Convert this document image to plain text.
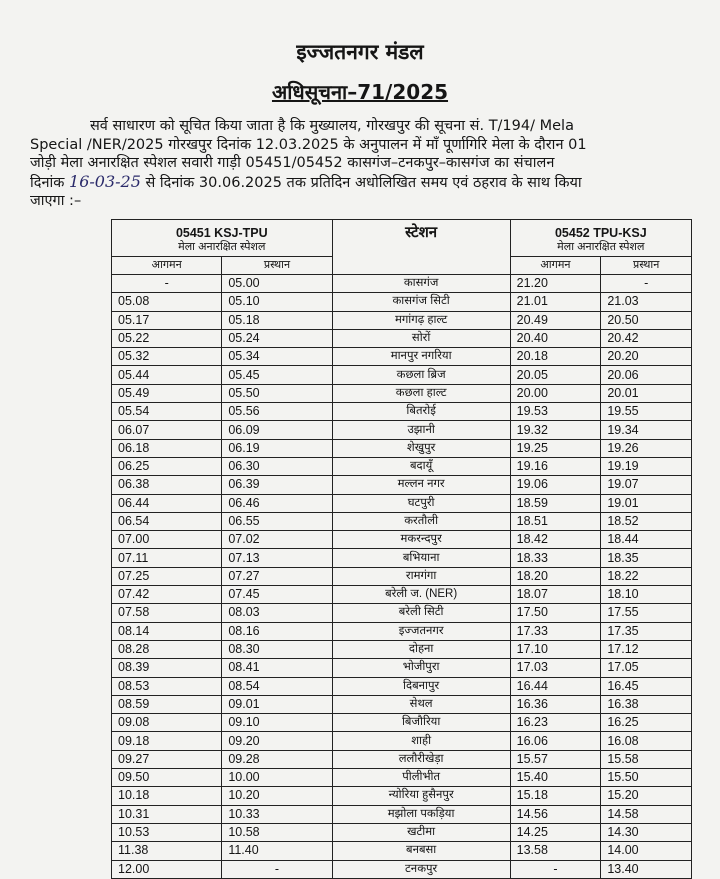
इज्जतनगर मंडल
अधिसूचना–71/2025
सर्व साधारण को सूचित किया जाता है कि मुख्यालय, गोरखपुर की सूचना सं. T/194/ Mela
Special /NER/2025 गोरखपुर दिनांक 12.03.2025 के अनुपालन में माँ पूर्णागिरि मेला के दौरान 01
जोड़ी मेला अनारक्षित स्पेशल सवारी गाड़ी 05451/05452 कासगंज–टनकपुर–कासगंज का संचालन
दिनांक 16-03-25 से दिनांक 30.06.2025 तक प्रतिदिन अधोलिखित समय एवं ठहराव के साथ किया
जाएगा :–
05451 KSJ-TPU
मेला अनारक्षित स्पेशल		स्टेशन	05452 TPU-KSJ
मेला अनारक्षित स्पेशल	

आगमन	प्रस्थान		आगमन	प्रस्थान
-	05.00	कासगंज	21.20	-
05.08	05.10	कासगंज सिटी	21.01	21.03
05.17	05.18	मगांगढ़ हाल्ट	20.49	20.50
05.22	05.24	सोरों	20.40	20.42
05.32	05.34	मानपुर नगरिया	20.18	20.20
05.44	05.45	कछला ब्रिज	20.05	20.06
05.49	05.50	कछला हाल्ट	20.00	20.01
05.54	05.56	बितरोई	19.53	19.55
06.07	06.09	उझानी	19.32	19.34
06.18	06.19	शेखुपुर	19.25	19.26
06.25	06.30	बदायूँ	19.16	19.19
06.38	06.39	मल्लन नगर	19.06	19.07
06.44	06.46	घटपुरी	18.59	19.01
06.54	06.55	करतौली	18.51	18.52
07.00	07.02	मकरन्दपुर	18.42	18.44
07.11	07.13	बभियाना	18.33	18.35
07.25	07.27	रामगंगा	18.20	18.22
07.42	07.45	बरेली ज. (NER)	18.07	18.10
07.58	08.03	बरेली सिटी	17.50	17.55
08.14	08.16	इज्जतनगर	17.33	17.35
08.28	08.30	दोहना	17.10	17.12
08.39	08.41	भोजीपुरा	17.03	17.05
08.53	08.54	दिबनापुर	16.44	16.45
08.59	09.01	सेथल	16.36	16.38
09.08	09.10	बिजौरिया	16.23	16.25
09.18	09.20	शाही	16.06	16.08
09.27	09.28	ललौरीखेड़ा	15.57	15.58
09.50	10.00	पीलीभीत	15.40	15.50
10.18	10.20	न्योरिया हुसैनपुर	15.18	15.20
10.31	10.33	मझोला पकड़िया	14.56	14.58
10.53	10.58	खटीमा	14.25	14.30
11.38	11.40	बनबसा	13.58	14.00
12.00	-	टनकपुर	-	13.40
